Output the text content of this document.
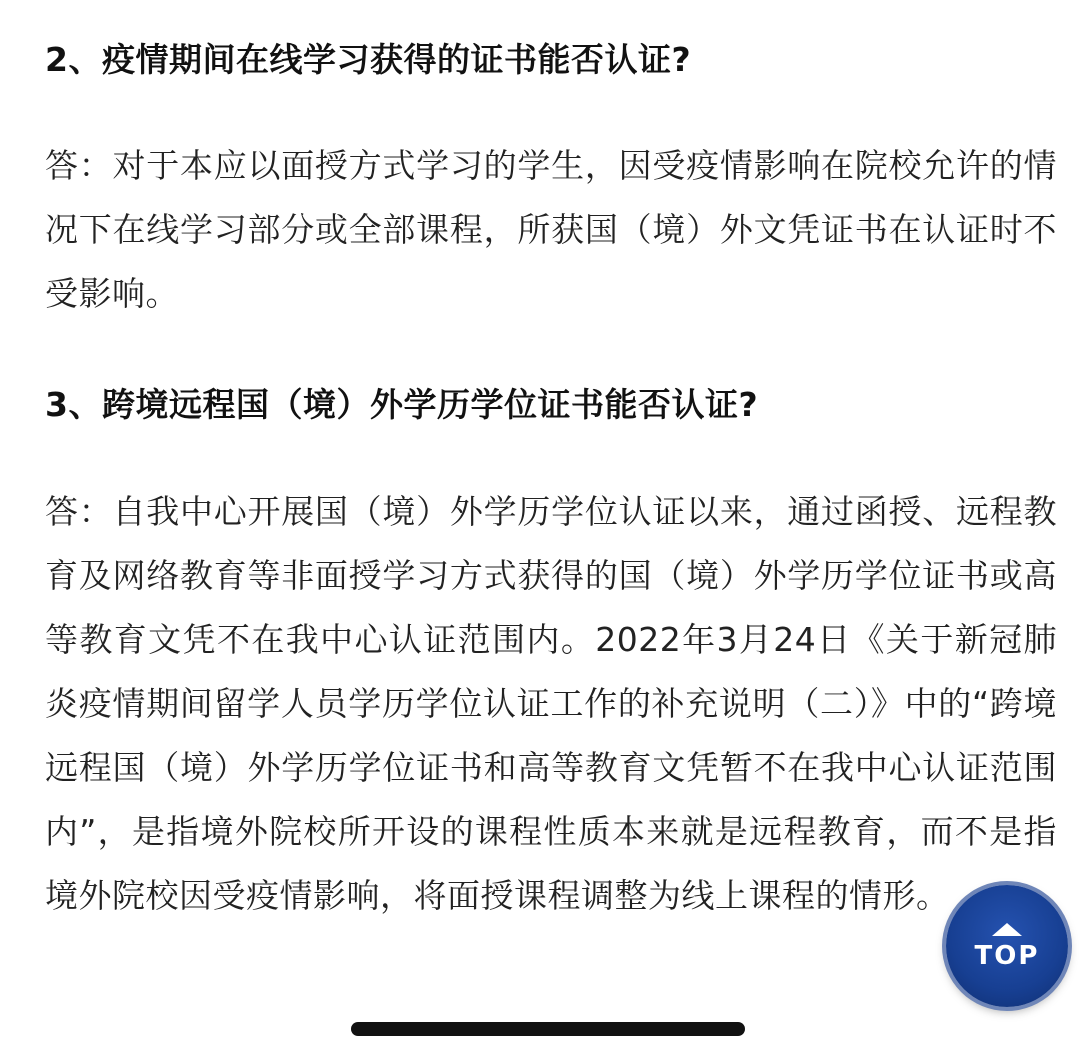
2、疫情期间在线学习获得的证书能否认证?

答：对于本应以面授方式学习的学生，因受疫情影响在院校允许的情况下在线学习部分或全部课程，所获国（境）外文凭证书在认证时不受影响。

3、跨境远程国（境）外学历学位证书能否认证?

答：自我中心开展国（境）外学历学位认证以来，通过函授、远程教育及网络教育等非面授学习方式获得的国（境）外学历学位证书或高等教育文凭不在我中心认证范围内。2022年3月24日《关于新冠肺炎疫情期间留学人员学历学位认证工作的补充说明（二）》中的“跨境远程国（境）外学历学位证书和高等教育文凭暂不在我中心认证范围内”，是指境外院校所开设的课程性质本来就是远程教育，而不是指境外院校因受疫情影响，将面授课程调整为线上课程的情形。

TOP
